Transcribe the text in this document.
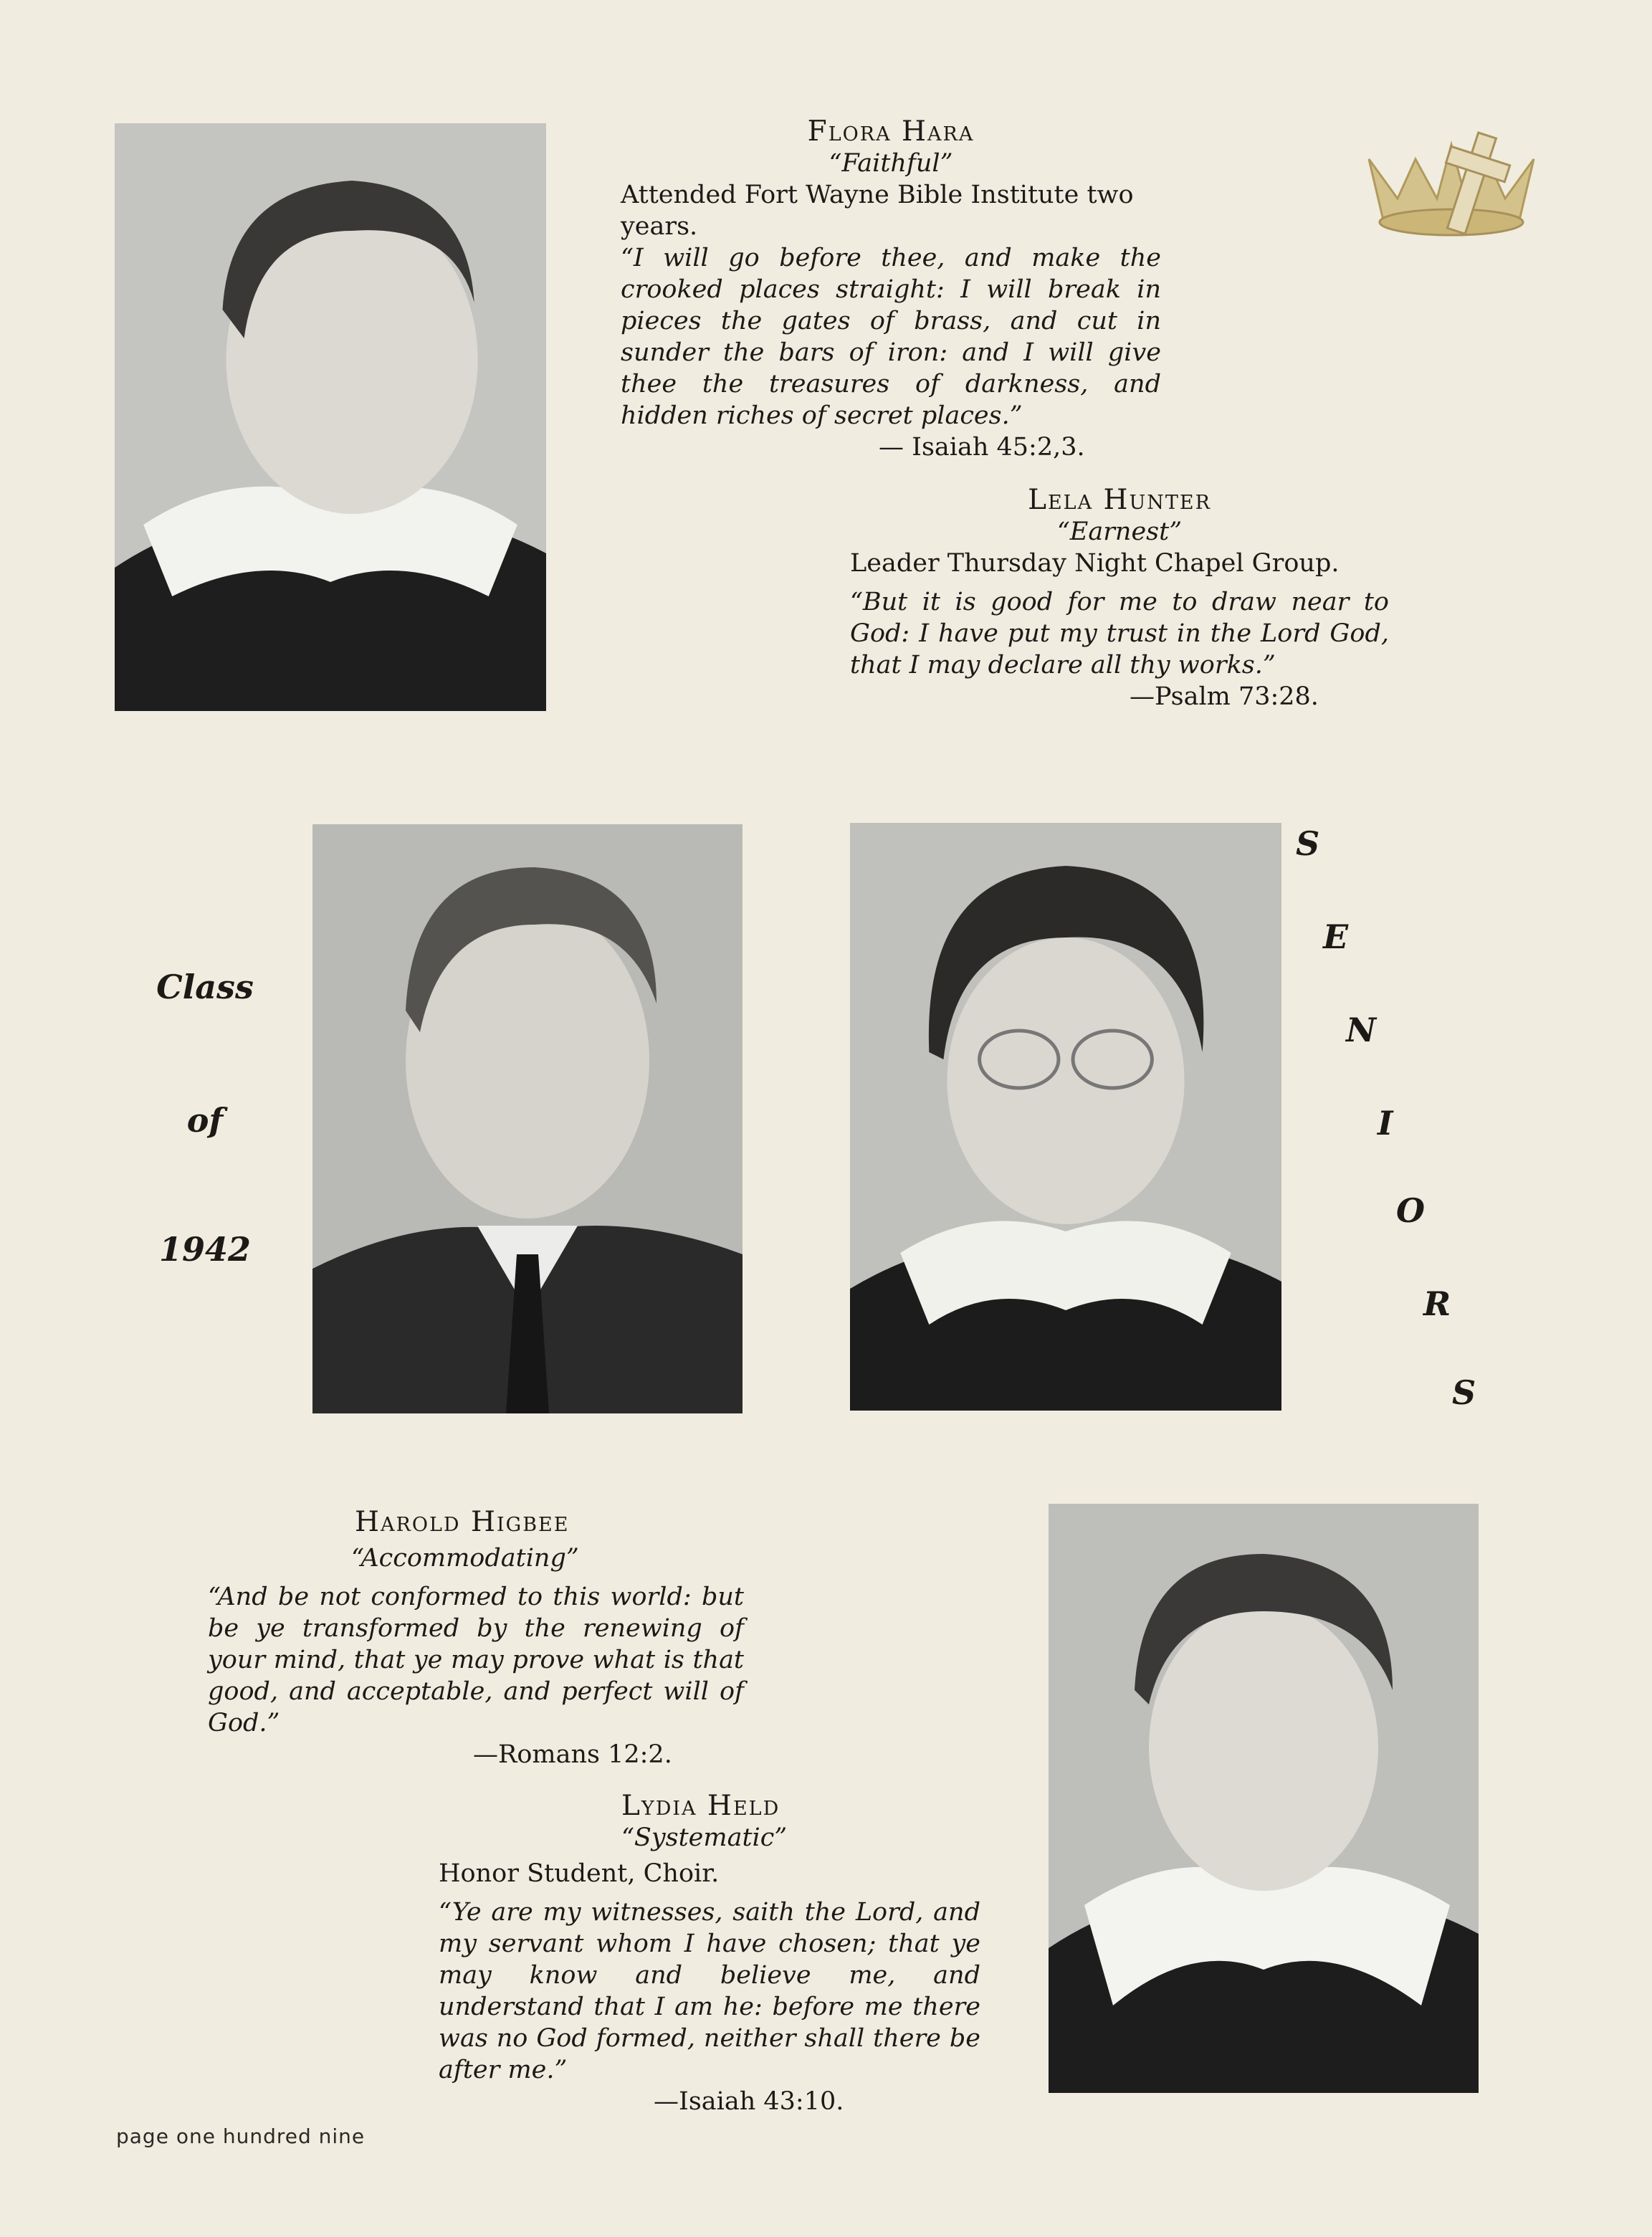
Flora Hara
“Faithful”
Attended Fort Wayne Bible Institute two years.
“I will go before thee, and make the crooked places straight: I will break in pieces the gates of brass, and cut in sunder the bars of iron: and I will give thee the treasures of darkness, and hidden riches of secret places.”
— Isaiah 45:2,3.
Lela Hunter
“Earnest”
Leader Thursday Night Chapel Group.
“But it is good for me to draw near to God: I have put my trust in the Lord God, that I may declare all thy works.”
—Psalm 73:28.
Harold Higbee
“Accommodating”
“And be not conformed to this world: but be ye transformed by the renewing of your mind, that ye may prove what is that good, and acceptable, and perfect will of God.”
—Romans 12:2.
Lydia Held
“Systematic”
Honor Student, Choir.
“Ye are my witnesses, saith the Lord, and my servant whom I have chosen; that ye may know and believe me, and understand that I am he: before me there was no God formed, neither shall there be after me.”
—Isaiah 43:10.
Class
of
1942
S
E
N
I
O
R
S
page one hundred nine
